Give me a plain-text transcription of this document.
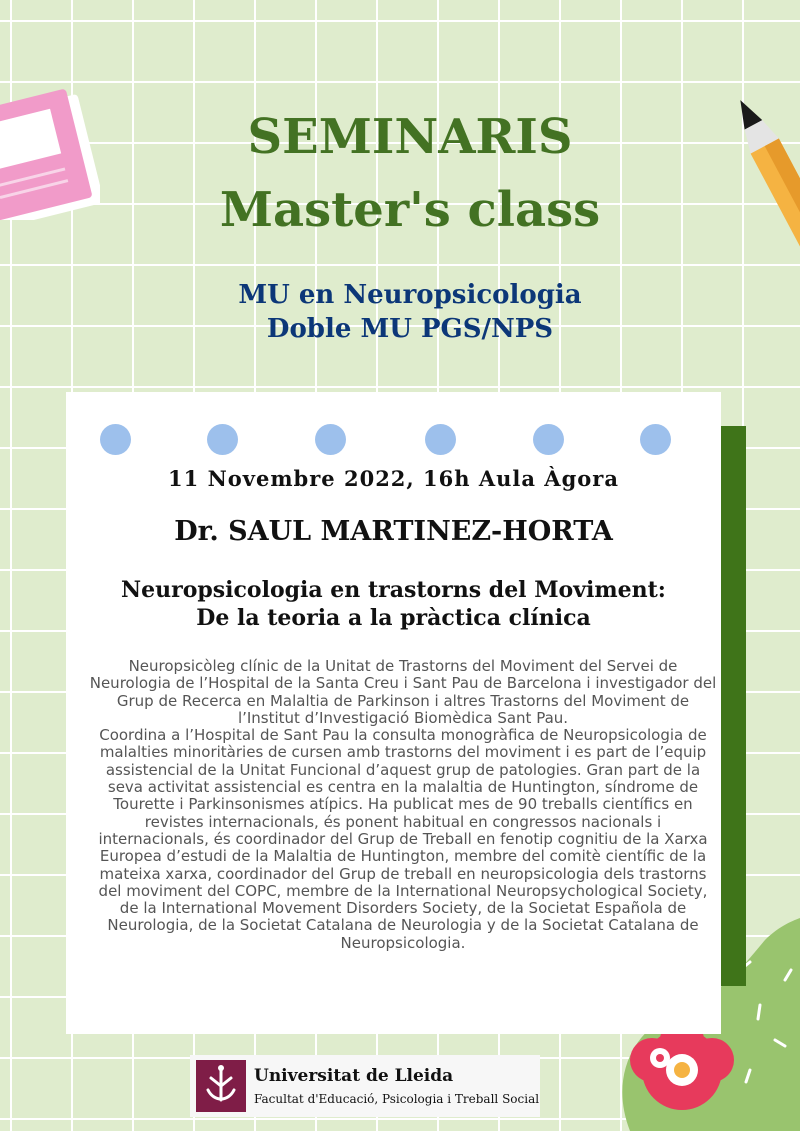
SEMINARIS
Master's class
MU en Neuropsicologia
Doble MU PGS/NPS
11 Novembre 2022, 16h Aula Àgora
Dr. SAUL MARTINEZ-HORTA
Neuropsicologia en trastorns del Moviment:
De la teoria a la pràctica clínica

Neuropsicòleg clínic de la Unitat de Trastorns del Moviment del Servei de Neurologia de l’Hospital de la Santa Creu i Sant Pau de Barcelona i investigador del Grup de Recerca en Malaltia de Parkinson i altres Trastorns del Moviment de l’Institut d’Investigació Biomèdica Sant Pau.

Coordina a l’Hospital de Sant Pau la consulta monogràfica de Neuropsicologia de malalties minoritàries de cursen amb trastorns del moviment i es part de l’equip assistencial de la Unitat Funcional d’aquest grup de patologies. Gran part de la seva activitat assistencial es centra en la malaltia de Huntington, síndrome de Tourette i Parkinsonismes atípics. Ha publicat mes de 90 treballs científics en revistes internacionals, és ponent habitual en congressos nacionals i internacionals, és coordinador del Grup de Treball en fenotip cognitiu de la Xarxa Europea d’estudi de la Malaltia de Huntington, membre del comitè científic de la mateixa xarxa, coordinador del Grup de treball en neuropsicologia dels trastorns del moviment del COPC, membre de la International Neuropsychological Society, de la International Movement Disorders Society, de la Societat Española de Neurologia, de la Societat Catalana de Neurologia y de la Societat Catalana de Neuropsicologia.

Universitat de Lleida
Facultat d'Educació, Psicologia i Treball Social
